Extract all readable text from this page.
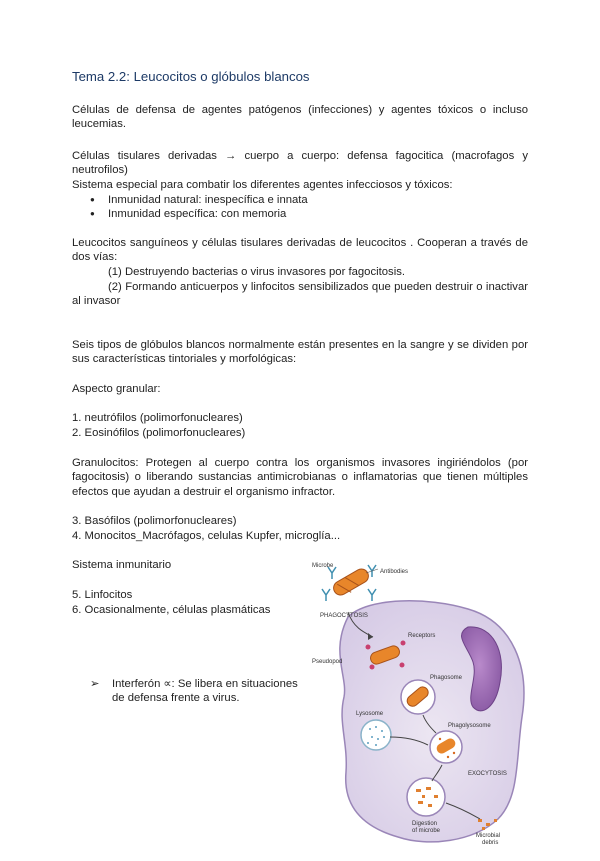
Tema 2.2: Leucocitos o glóbulos blancos
Células de defensa de agentes patógenos (infecciones) y agentes tóxicos o incluso leucemias.
Células tisulares derivadas → cuerpo a cuerpo: defensa fagocitica (macrofagos y neutrofilos)
Sistema especial para combatir los diferentes agentes infecciosos y tóxicos:
● Inmunidad natural: inespecífica e innata
● Inmunidad específica: con memoria
Leucocitos sanguíneos y células tisulares derivadas de leucocitos . Cooperan a través de dos vías:
(1) Destruyendo bacterias o virus invasores por fagocitosis.
(2) Formando anticuerpos y linfocitos sensibilizados que pueden destruir o inactivar al invasor
Seis tipos de glóbulos blancos normalmente están presentes en la sangre y se dividen por sus características tintoriales y morfológicas:
Aspecto granular:
1. neutrófilos (polimorfonucleares)
2. Eosinófilos (polimorfonucleares)
Granulocitos: Protegen al cuerpo contra los organismos invasores ingiriéndolos (por fagocitosis) o liberando sustancias antimicrobianas o inflamatorias que tienen múltiples efectos que ayudan a destruir el organismo infractor.
3. Basófilos (polimorfonucleares)
4. Monocitos_Macrófagos, celulas Kupfer, microglía...
Sistema inmunitario
5. Linfocitos
6. Ocasionalmente, células plasmáticas
➢	Interferón ∝: Se libera en situaciones de defensa frente a virus.
Microbe
Antibodies
PHAGOCYTOSIS
Receptors
Pseudopod
Phagosome
Lysosome
Phagolysosome
EXOCYTOSIS
Digestion
of microbe
Microbial
debris
